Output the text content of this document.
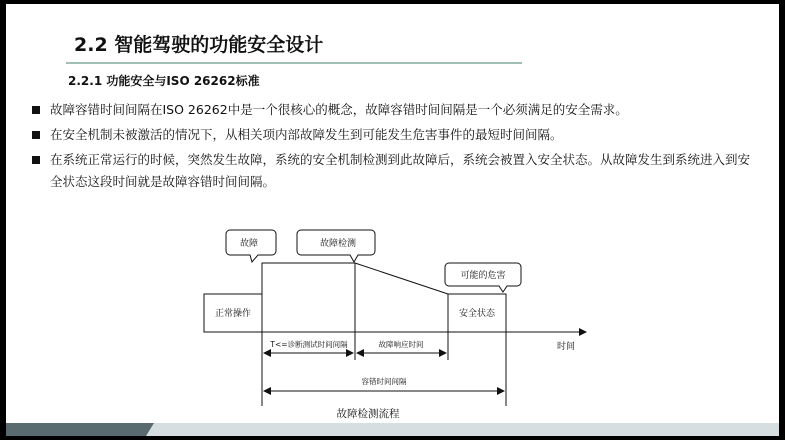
2.2 智能驾驶的功能安全设计
2.2.1 功能安全与ISO 26262标准
故障容错时间间隔在ISO 26262中是一个很核心的概念，故障容错时间间隔是一个必须满足的安全需求。
在安全机制未被激活的情况下，从相关项内部故障发生到可能发生危害事件的最短时间间隔。
在系统正常运行的时候，突然发生故障，系统的安全机制检测到此故障后，系统会被置入安全状态。从故障发生到系统进入到安全状态这段时间就是故障容错时间间隔。
故障	故障检测
可能的危害
正常操作	安全状态
时间
T<=诊断测试时间间隔	故障响应时间
容错时间间隔
故障检测流程
